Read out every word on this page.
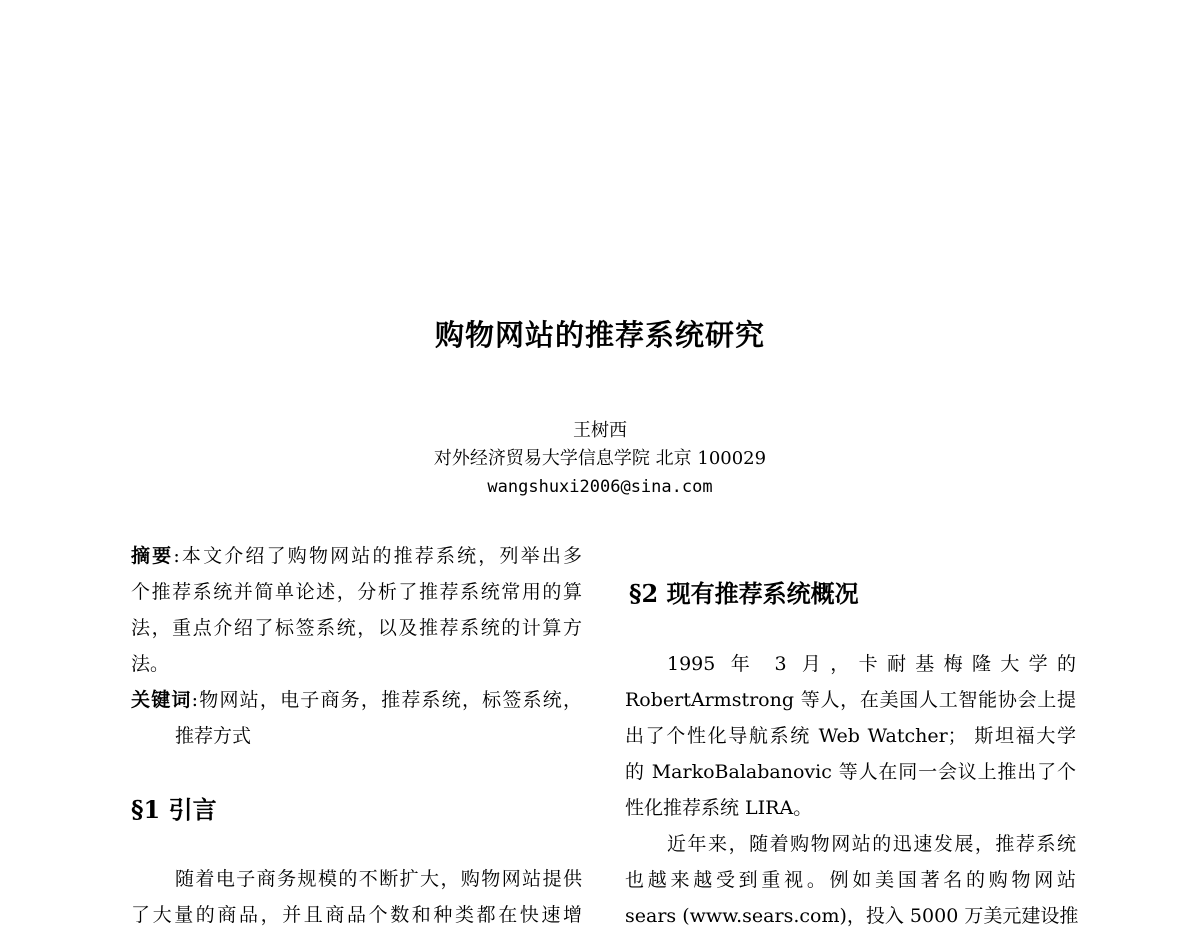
购物网站的推荐系统研究
王树西
对外经济贸易大学信息学院 北京 100029
wangshuxi2006@sina.com
摘要:本文介绍了购物网站的推荐系统，列举出多
个推荐系统并简单论述，分析了推荐系统常用的算
法，重点介绍了标签系统，以及推荐系统的计算方
法。
关键词:物网站，电子商务，推荐系统，标签系统，
推荐方式
§1 引言
随着电子商务规模的不断扩大，购物网站提供
了大量的商品，并且商品个数和种类都在快速增
§2 现有推荐系统概况
1995 年 3 月，卡耐基梅隆大学的
RobertArmstrong 等人，在美国人工智能协会上提
出了个性化导航系统 Web Watcher； 斯坦福大学
的 MarkoBalabanovic 等人在同一会议上推出了个
性化推荐系统 LIRA。
近年来，随着购物网站的迅速发展，推荐系统
也越来越受到重视。例如美国著名的购物网站
sears (www.sears.com)，投入 5000 万美元建设推
